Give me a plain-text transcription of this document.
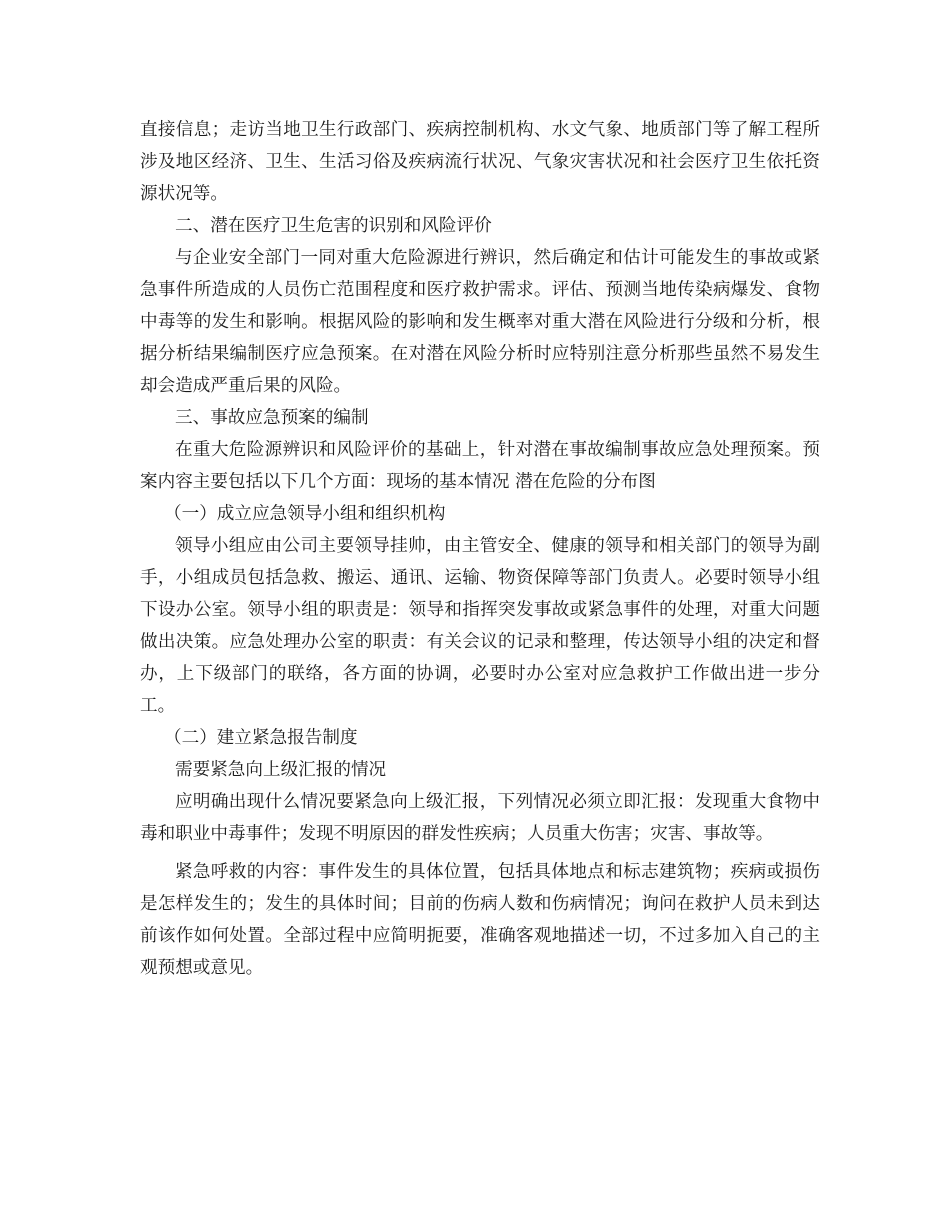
直接信息；走访当地卫生行政部门、疾病控制机构、水文气象、地质部门等了解工程所涉及地区经济、卫生、生活习俗及疾病流行状况、气象灾害状况和社会医疗卫生依托资源状况等。

二、潜在医疗卫生危害的识别和风险评价

与企业安全部门一同对重大危险源进行辨识，然后确定和估计可能发生的事故或紧急事件所造成的人员伤亡范围程度和医疗救护需求。评估、预测当地传染病爆发、食物中毒等的发生和影响。根据风险的影响和发生概率对重大潜在风险进行分级和分析，根据分析结果编制医疗应急预案。在对潜在风险分析时应特别注意分析那些虽然不易发生却会造成严重后果的风险。

三、事故应急预案的编制

在重大危险源辨识和风险评价的基础上，针对潜在事故编制事故应急处理预案。预案内容主要包括以下几个方面：现场的基本情况 潜在危险的分布图

（一）成立应急领导小组和组织机构

领导小组应由公司主要领导挂帅，由主管安全、健康的领导和相关部门的领导为副手，小组成员包括急救、搬运、通讯、运输、物资保障等部门负责人。必要时领导小组下设办公室。领导小组的职责是：领导和指挥突发事故或紧急事件的处理，对重大问题做出决策。应急处理办公室的职责：有关会议的记录和整理，传达领导小组的决定和督办，上下级部门的联络，各方面的协调，必要时办公室对应急救护工作做出进一步分工。

（二）建立紧急报告制度

需要紧急向上级汇报的情况

应明确出现什么情况要紧急向上级汇报，下列情况必须立即汇报：发现重大食物中毒和职业中毒事件；发现不明原因的群发性疾病；人员重大伤害；灾害、事故等。

紧急呼救的内容：事件发生的具体位置，包括具体地点和标志建筑物；疾病或损伤是怎样发生的；发生的具体时间；目前的伤病人数和伤病情况；询问在救护人员未到达前该作如何处置。全部过程中应简明扼要，准确客观地描述一切，不过多加入自己的主观预想或意见。
